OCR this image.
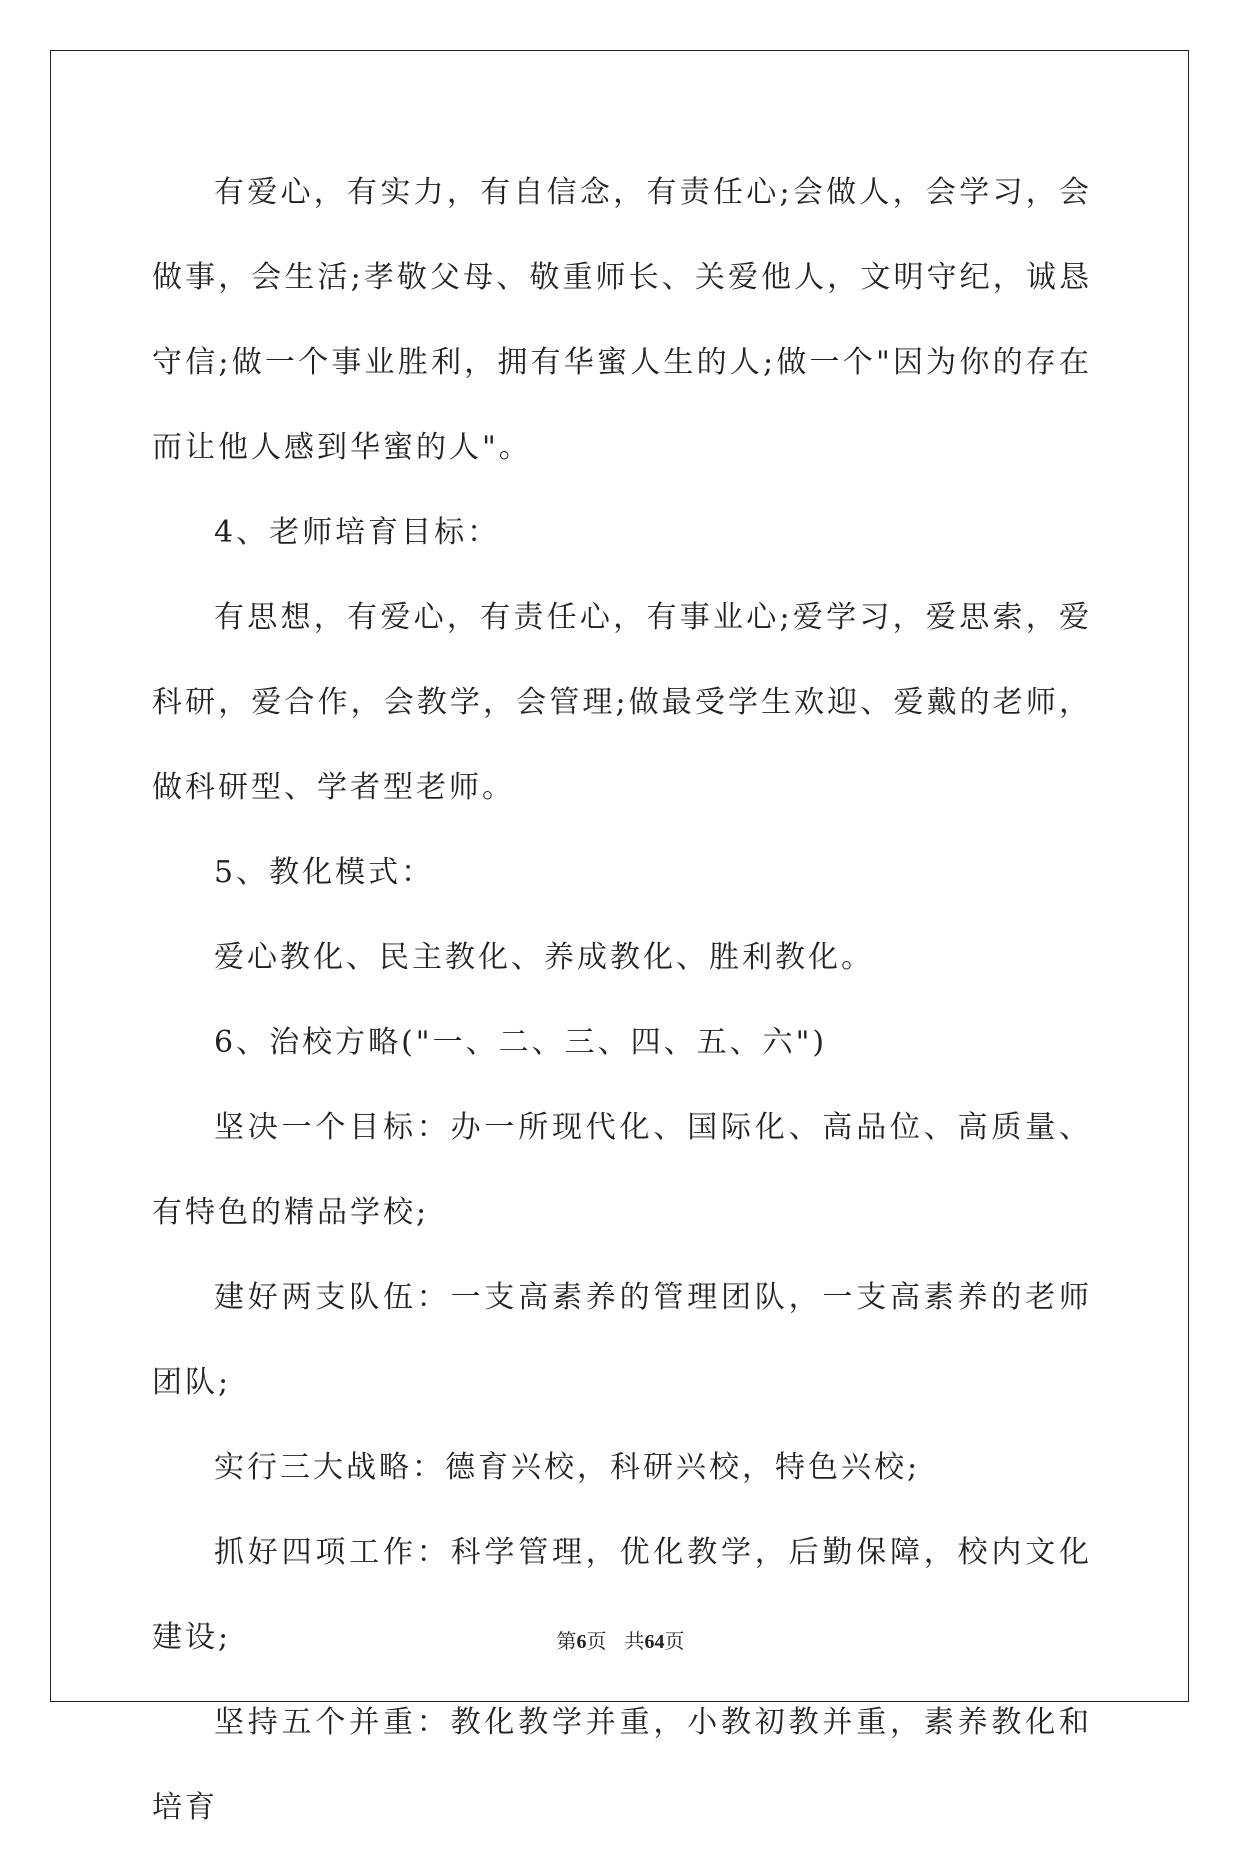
有爱心，有实力，有自信念，有责任心;会做人，会学习，会做事，会生活;孝敬父母、敬重师长、关爱他人，文明守纪，诚恳守信;做一个事业胜利，拥有华蜜人生的人;做一个"因为你的存在而让他人感到华蜜的人"。

4、老师培育目标：

有思想，有爱心，有责任心，有事业心;爱学习，爱思索，爱科研，爱合作，会教学，会管理;做最受学生欢迎、爱戴的老师，做科研型、学者型老师。

5、教化模式：

爱心教化、民主教化、养成教化、胜利教化。

6、治校方略("一、二、三、四、五、六")

坚决一个目标：办一所现代化、国际化、高品位、高质量、有特色的精品学校;

建好两支队伍：一支高素养的管理团队，一支高素养的老师团队;

实行三大战略：德育兴校，科研兴校，特色兴校;

抓好四项工作：科学管理，优化教学，后勤保障，校内文化建设;

坚持五个并重：教化教学并重，小教初教并重，素养教化和培育

第6页 共64页
